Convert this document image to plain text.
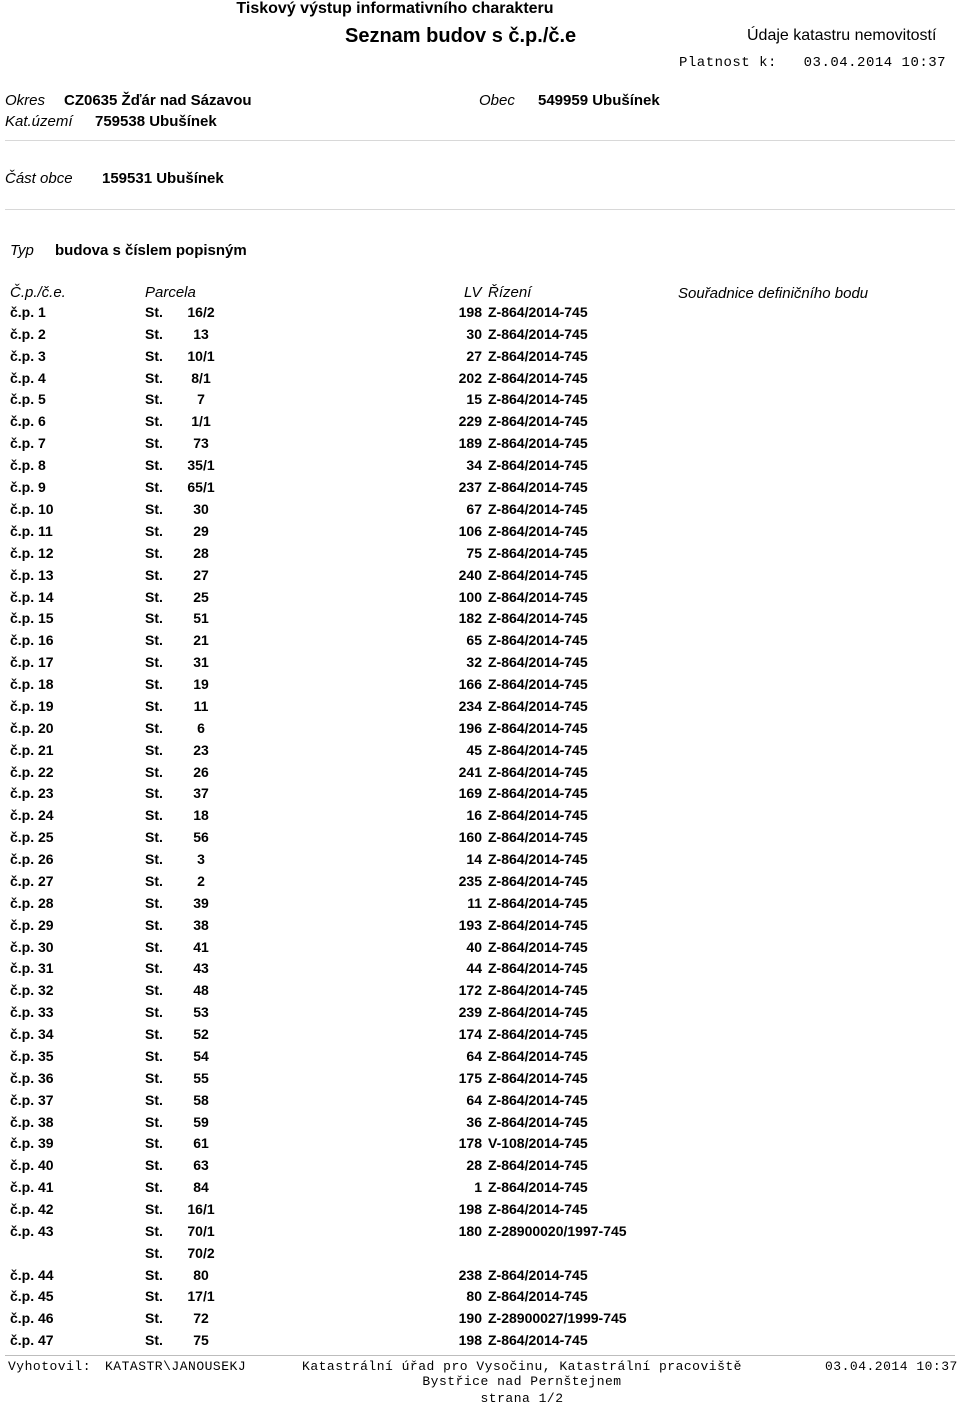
Tiskový výstup informativního charakteru
Seznam budov s č.p./č.e	Údaje katastru nemovitostí
Platnost k: 03.04.2014 10:37
Okres CZ0635 Žďár nad Sázavou	Obec 549959 Ubušínek
Kat.území 759538 Ubušínek
Část obce 159531 Ubušínek
Typ budova s číslem popisným
Č.p./č.e.	Parcela	LV Řízení	Souřadnice definičního bodu
č.p. 1	St.	16/2	198 Z-864/2014-745
č.p. 2	St.	13	30 Z-864/2014-745
č.p. 3	St.	10/1	27 Z-864/2014-745
č.p. 4	St.	8/1	202 Z-864/2014-745
č.p. 5	St.	7	15 Z-864/2014-745
č.p. 6	St.	1/1	229 Z-864/2014-745
č.p. 7	St.	73	189 Z-864/2014-745
č.p. 8	St.	35/1	34 Z-864/2014-745
č.p. 9	St.	65/1	237 Z-864/2014-745
č.p. 10	St.	30	67 Z-864/2014-745
č.p. 11	St.	29	106 Z-864/2014-745
č.p. 12	St.	28	75 Z-864/2014-745
č.p. 13	St.	27	240 Z-864/2014-745
č.p. 14	St.	25	100 Z-864/2014-745
č.p. 15	St.	51	182 Z-864/2014-745
č.p. 16	St.	21	65 Z-864/2014-745
č.p. 17	St.	31	32 Z-864/2014-745
č.p. 18	St.	19	166 Z-864/2014-745
č.p. 19	St.	11	234 Z-864/2014-745
č.p. 20	St.	6	196 Z-864/2014-745
č.p. 21	St.	23	45 Z-864/2014-745
č.p. 22	St.	26	241 Z-864/2014-745
č.p. 23	St.	37	169 Z-864/2014-745
č.p. 24	St.	18	16 Z-864/2014-745
č.p. 25	St.	56	160 Z-864/2014-745
č.p. 26	St.	3	14 Z-864/2014-745
č.p. 27	St.	2	235 Z-864/2014-745
č.p. 28	St.	39	11 Z-864/2014-745
č.p. 29	St.	38	193 Z-864/2014-745
č.p. 30	St.	41	40 Z-864/2014-745
č.p. 31	St.	43	44 Z-864/2014-745
č.p. 32	St.	48	172 Z-864/2014-745
č.p. 33	St.	53	239 Z-864/2014-745
č.p. 34	St.	52	174 Z-864/2014-745
č.p. 35	St.	54	64 Z-864/2014-745
č.p. 36	St.	55	175 Z-864/2014-745
č.p. 37	St.	58	64 Z-864/2014-745
č.p. 38	St.	59	36 Z-864/2014-745
č.p. 39	St.	61	178 V-108/2014-745
č.p. 40	St.	63	28 Z-864/2014-745
č.p. 41	St.	84	1 Z-864/2014-745
č.p. 42	St.	16/1	198 Z-864/2014-745
č.p. 43	St.	70/1	180 Z-28900020/1997-745
St.	70/2
č.p. 44	St.	80	238 Z-864/2014-745
č.p. 45	St.	17/1	80 Z-864/2014-745
č.p. 46	St.	72	190 Z-28900027/1999-745
č.p. 47	St.	75	198 Z-864/2014-745
Vyhotovil: KATASTR\JANOUSEKJ	Katastrální úřad pro Vysočinu, Katastrální pracoviště
Bystřice nad Pernštejnem
strana 1/2
03.04.2014 10:37
